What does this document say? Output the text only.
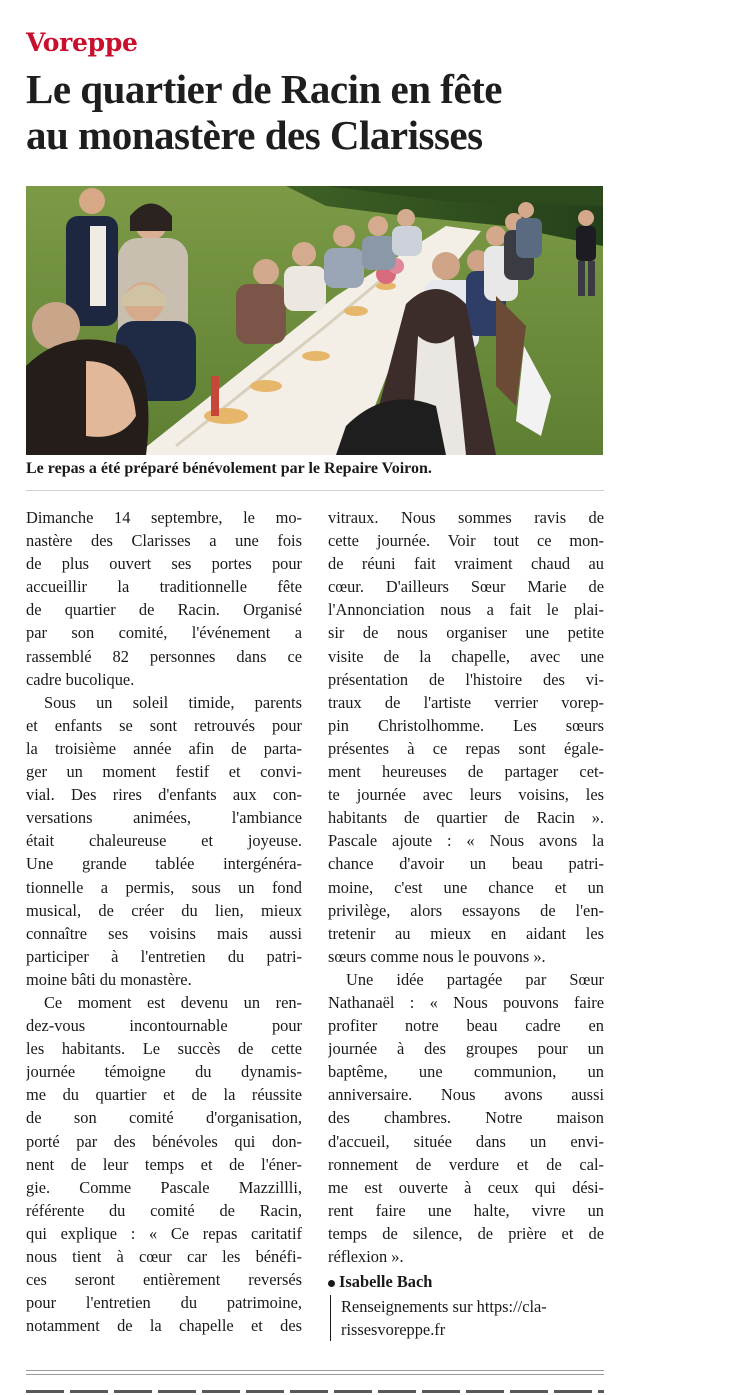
Voreppe
Le quartier de Racin en fête
au monastère des Clarisses
Le repas a été préparé bénévolement par le Repaire Voiron.

Dimanche 14 septembre, le mo-
nastère des Clarisses a une fois
de plus ouvert ses portes pour
accueillir la traditionnelle fête
de quartier de Racin. Organisé
par son comité, l'événement a
rassemblé 82 personnes dans ce
cadre bucolique.

Sous un soleil timide, parents
et enfants se sont retrouvés pour
la troisième année afin de parta-
ger un moment festif et convi-
vial. Des rires d'enfants aux con-
versations animées, l'ambiance
était chaleureuse et joyeuse.
Une grande tablée intergénéra-
tionnelle a permis, sous un fond
musical, de créer du lien, mieux
connaître ses voisins mais aussi
participer à l'entretien du patri-
moine bâti du monastère.

Ce moment est devenu un ren-
dez-vous incontournable pour
les habitants. Le succès de cette
journée témoigne du dynamis-
me du quartier et de la réussite
de son comité d'organisation,
porté par des bénévoles qui don-
nent de leur temps et de l'éner-
gie. Comme Pascale Mazzillli,
référente du comité de Racin,
qui explique : « Ce repas caritatif
nous tient à cœur car les bénéfi-
ces seront entièrement reversés
pour l'entretien du patrimoine,
notamment de la chapelle et des

vitraux. Nous sommes ravis de
cette journée. Voir tout ce mon-
de réuni fait vraiment chaud au
cœur. D'ailleurs Sœur Marie de
l'Annonciation nous a fait le plai-
sir de nous organiser une petite
visite de la chapelle, avec une
présentation de l'histoire des vi-
traux de l'artiste verrier vorep-
pin Christolhomme. Les sœurs
présentes à ce repas sont égale-
ment heureuses de partager cet-
te journée avec leurs voisins, les
habitants de quartier de Racin ».
Pascale ajoute : « Nous avons la
chance d'avoir un beau patri-
moine, c'est une chance et un
privilège, alors essayons de l'en-
tretenir au mieux en aidant les
sœurs comme nous le pouvons ».

Une idée partagée par Sœur
Nathanaël : « Nous pouvons faire
profiter notre beau cadre en
journée à des groupes pour un
baptême, une communion, un
anniversaire. Nous avons aussi
des chambres. Notre maison
d'accueil, située dans un envi-
ronnement de verdure et de cal-
me est ouverte à ceux qui dési-
rent faire une halte, vivre un
temps de silence, de prière et de
réflexion ».

Isabelle Bach
Renseignements sur https://cla-
rissesvoreppe.fr
